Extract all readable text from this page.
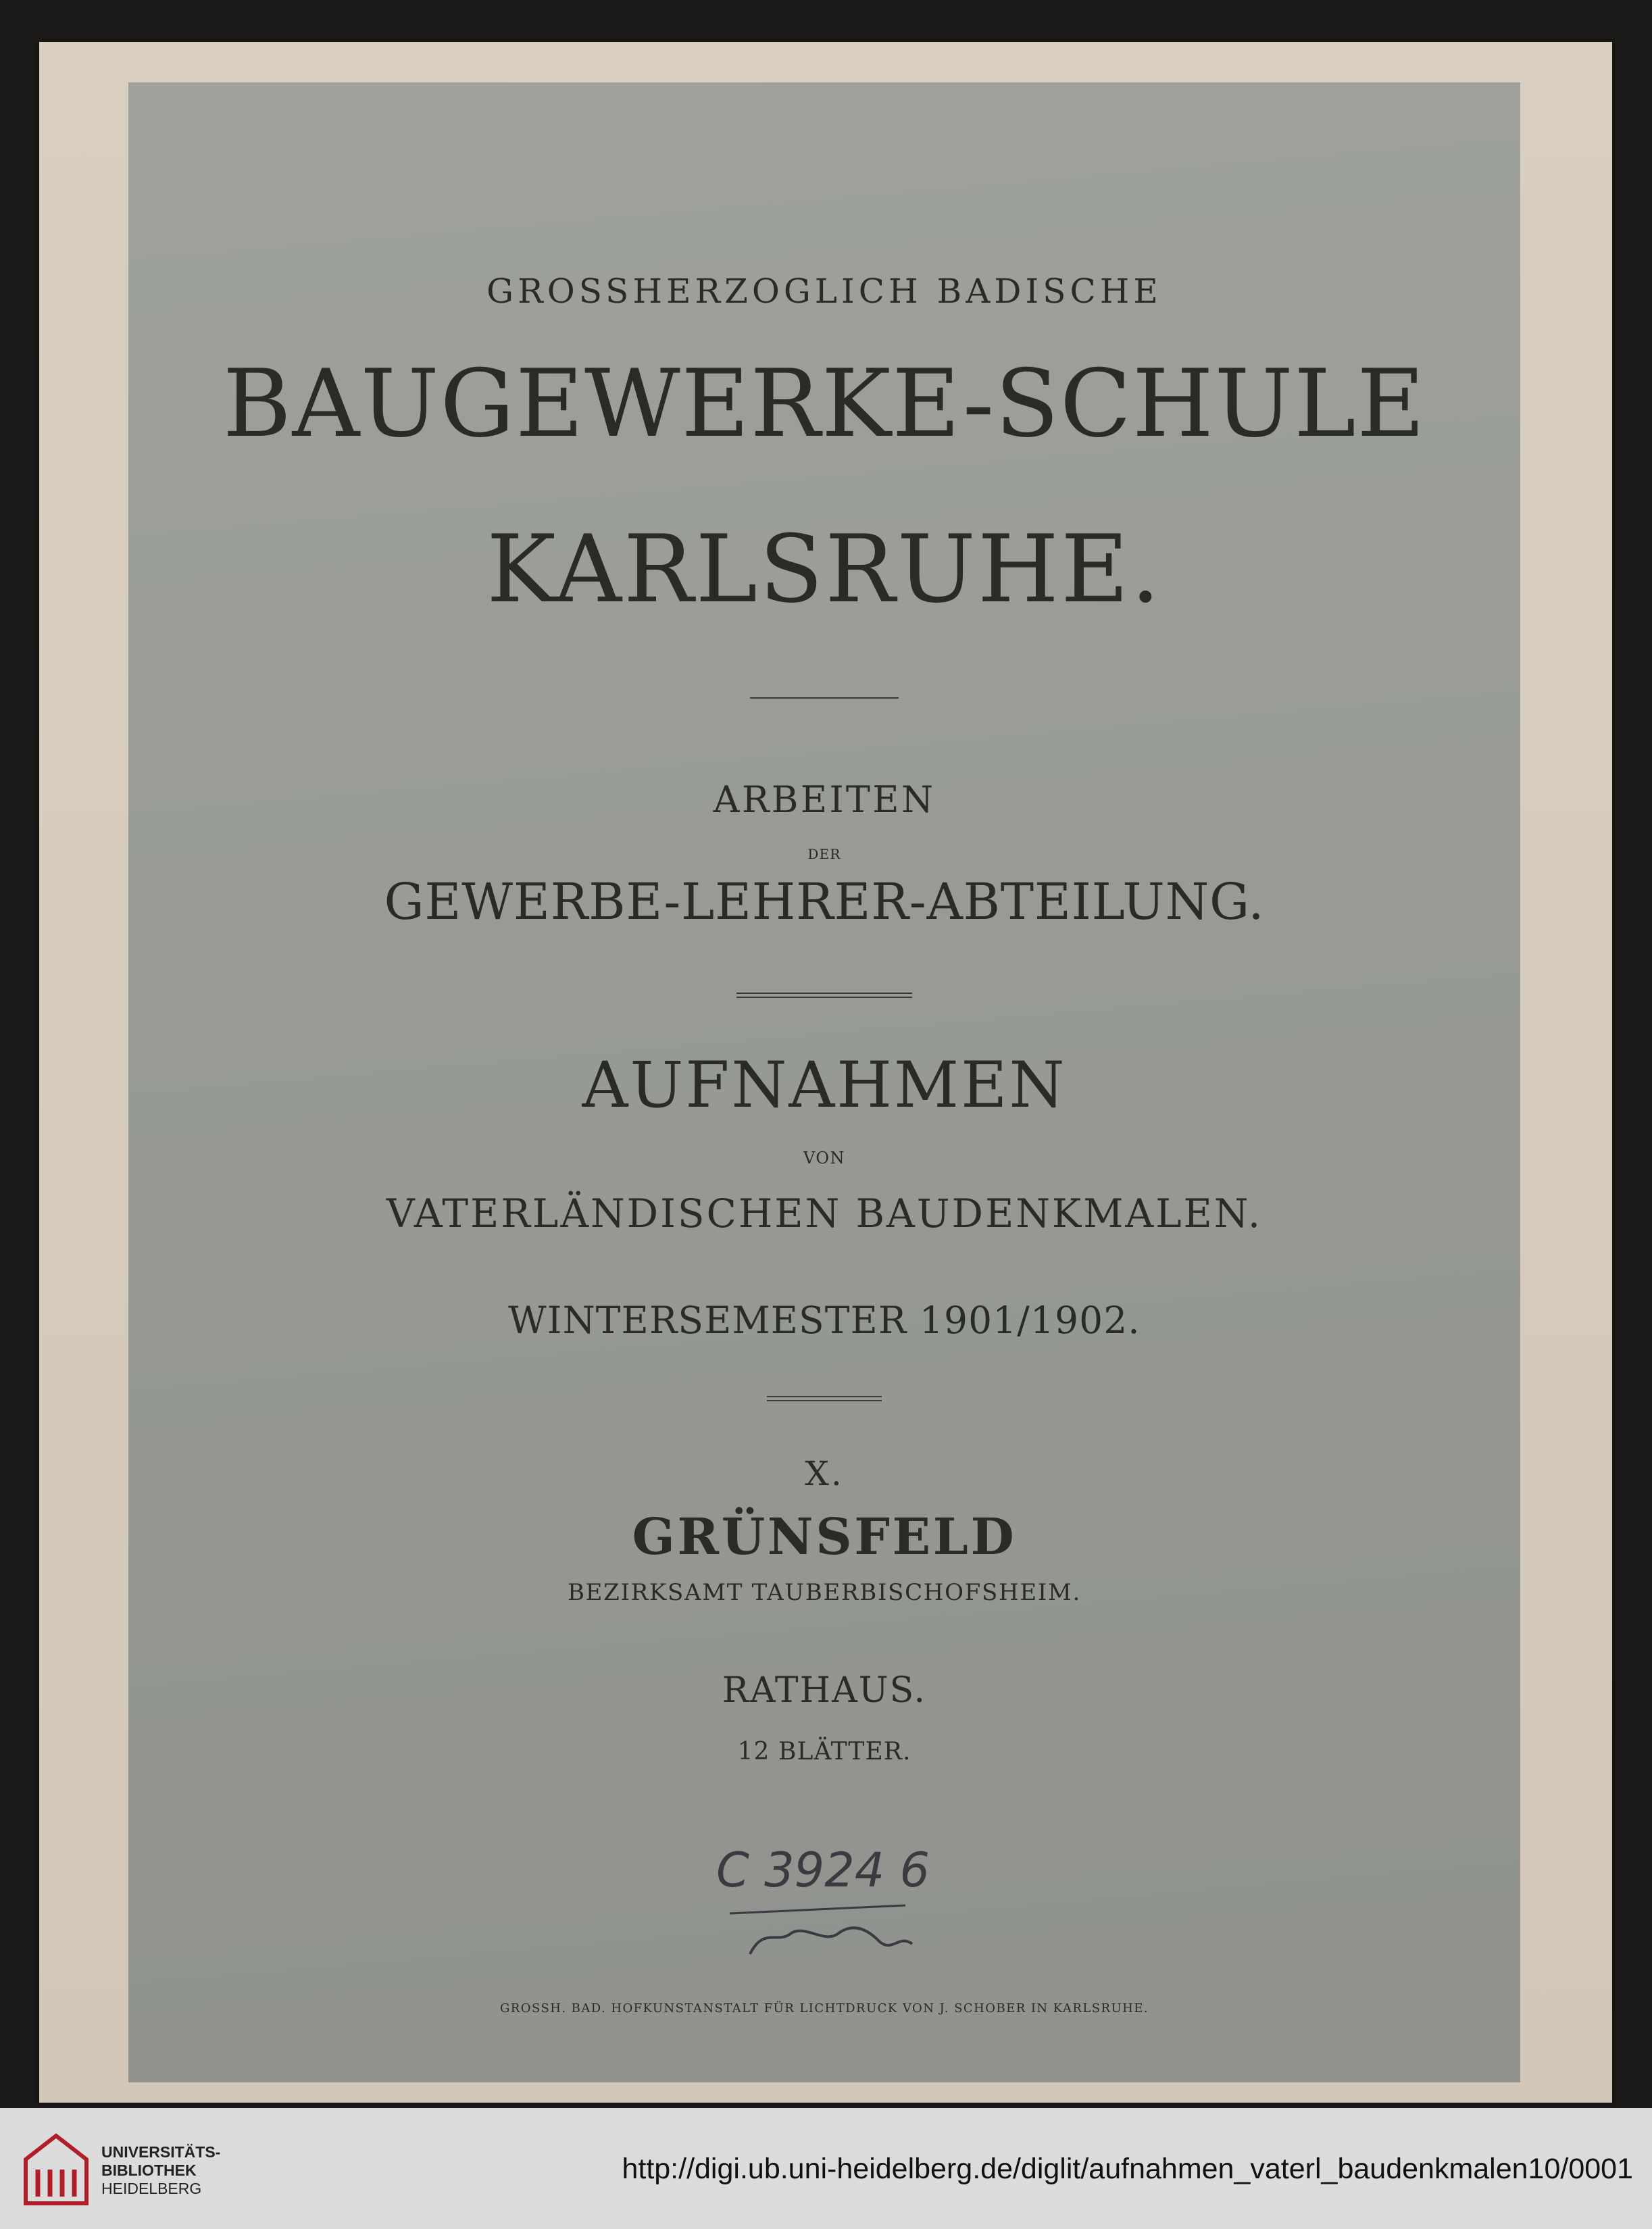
GROSSHERZOGLICH BADISCHE
BAUGEWERKE-SCHULE
KARLSRUHE.
ARBEITEN
DER
GEWERBE-LEHRER-ABTEILUNG.
AUFNAHMEN
VON
VATERLÄNDISCHEN BAUDENKMALEN.
WINTERSEMESTER 1901/1902.
X.
GRÜNSFELD
BEZIRKSAMT TAUBERBISCHOFSHEIM.
RATHAUS.
12 BLÄTTER.
C 3924 6
GROSSH. BAD. HOFKUNSTANSTALT FÜR LICHTDRUCK VON J. SCHOBER IN KARLSRUHE.
UNIVERSITÄTS-
BIBLIOTHEK
HEIDELBERG
http://digi.ub.uni-heidelberg.de/diglit/aufnahmen_vaterl_baudenkmalen10/0001
